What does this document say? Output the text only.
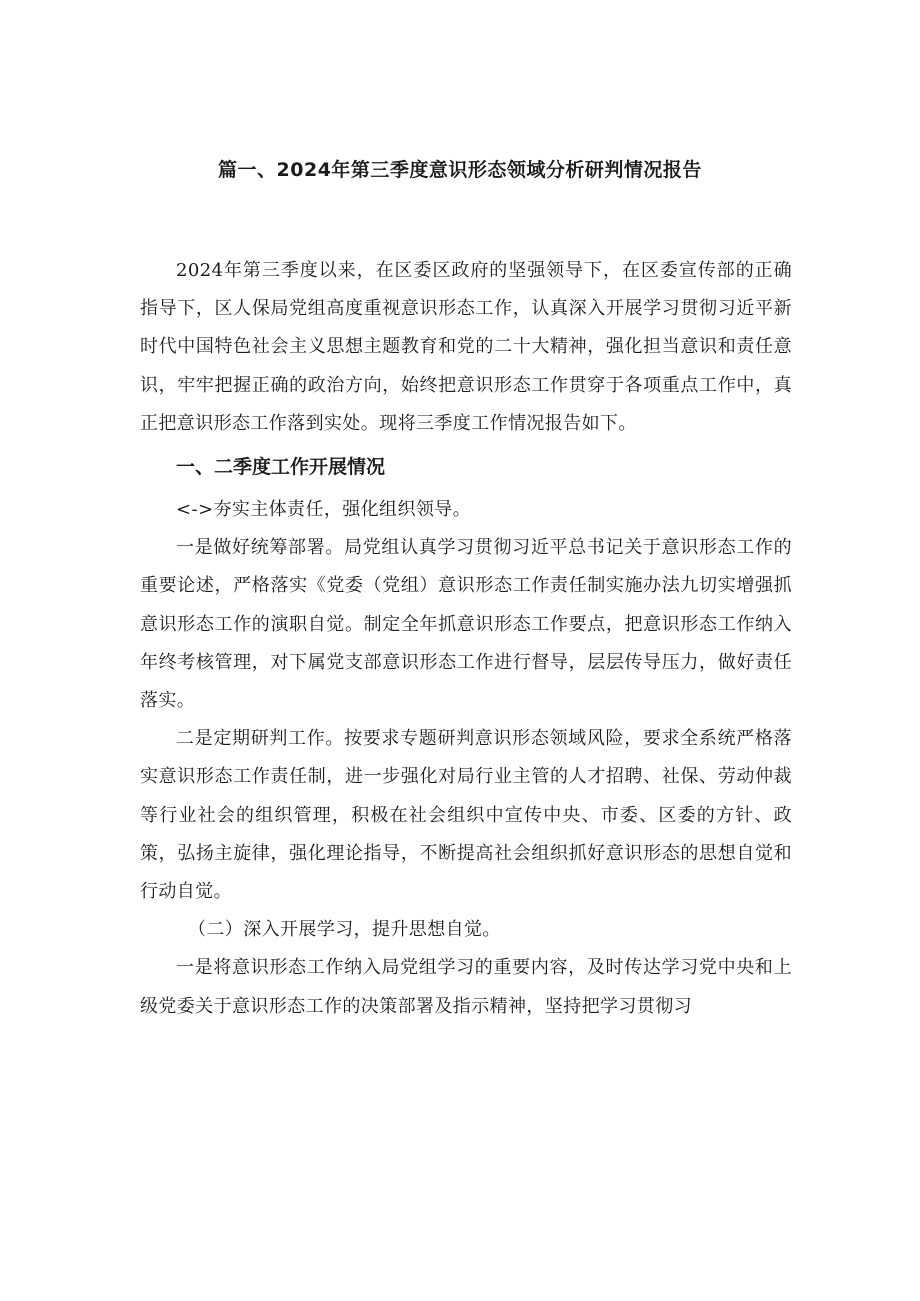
篇一、2024年第三季度意识形态领域分析研判情况报告

2024年第三季度以来，在区委区政府的坚强领导下，在区委宣传部的正确指导下，区人保局党组高度重视意识形态工作，认真深入开展学习贯彻习近平新时代中国特色社会主义思想主题教育和党的二十大精神，强化担当意识和责任意识，牢牢把握正确的政治方向，始终把意识形态工作贯穿于各项重点工作中，真正把意识形态工作落到实处。现将三季度工作情况报告如下。

一、二季度工作开展情况

<->夯实主体责任，强化组织领导。

一是做好统筹部署。局党组认真学习贯彻习近平总书记关于意识形态工作的重要论述，严格落实《党委（党组）意识形态工作责任制实施办法九切实增强抓意识形态工作的演职自觉。制定全年抓意识形态工作要点，把意识形态工作纳入年终考核管理，对下属党支部意识形态工作进行督导，层层传导压力，做好责任落实。

二是定期研判工作。按要求专题研判意识形态领域风险，要求全系统严格落实意识形态工作责任制，进一步强化对局行业主管的人才招聘、社保、劳动仲裁等行业社会的组织管理，积极在社会组织中宣传中央、市委、区委的方针、政策，弘扬主旋律，强化理论指导，不断提高社会组织抓好意识形态的思想自觉和行动自觉。

（二）深入开展学习，提升思想自觉。

一是将意识形态工作纳入局党组学习的重要内容，及时传达学习党中央和上级党委关于意识形态工作的决策部署及指示精神，坚持把学习贯彻习
